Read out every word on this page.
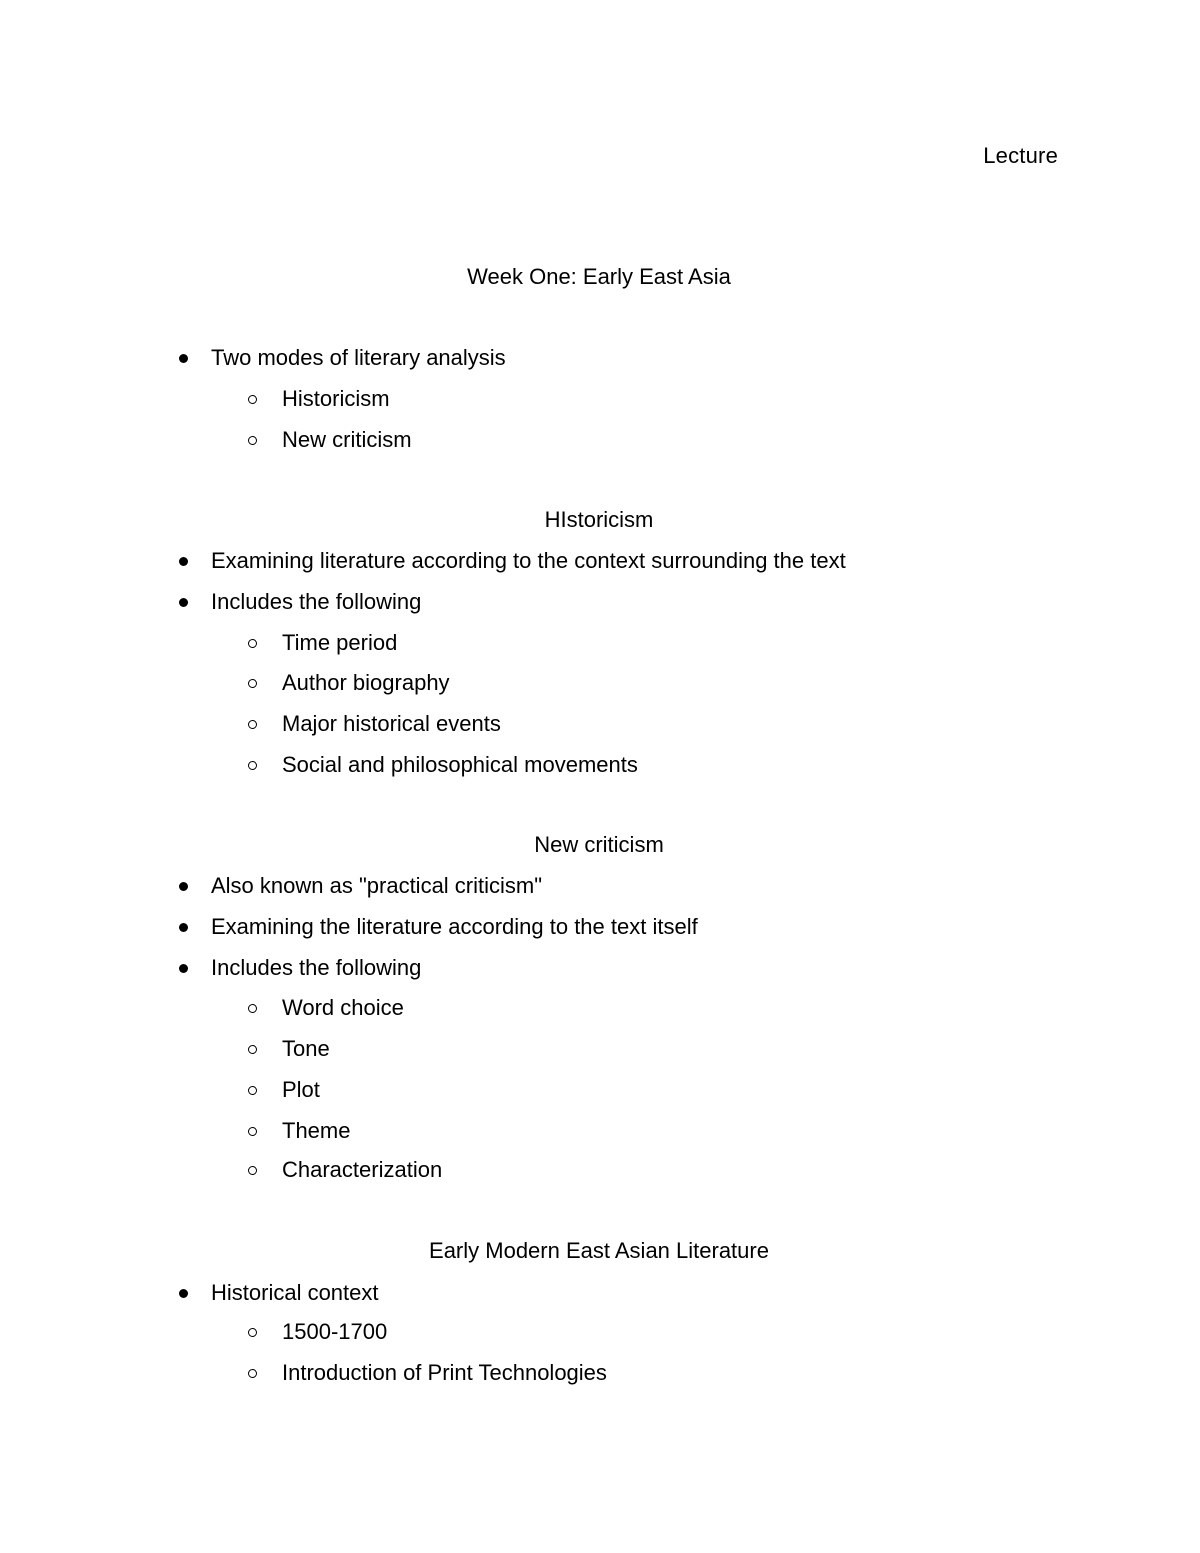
Lecture
Week One: Early East Asia
Two modes of literary analysis
Historicism
New criticism
HIstoricism
Examining literature according to the context surrounding the text
Includes the following
Time period
Author biography
Major historical events
Social and philosophical movements
New criticism
Also known as "practical criticism"
Examining the literature according to the text itself
Includes the following
Word choice
Tone
Plot
Theme
Characterization
Early Modern East Asian Literature
Historical context
1500-1700
Introduction of Print Technologies
